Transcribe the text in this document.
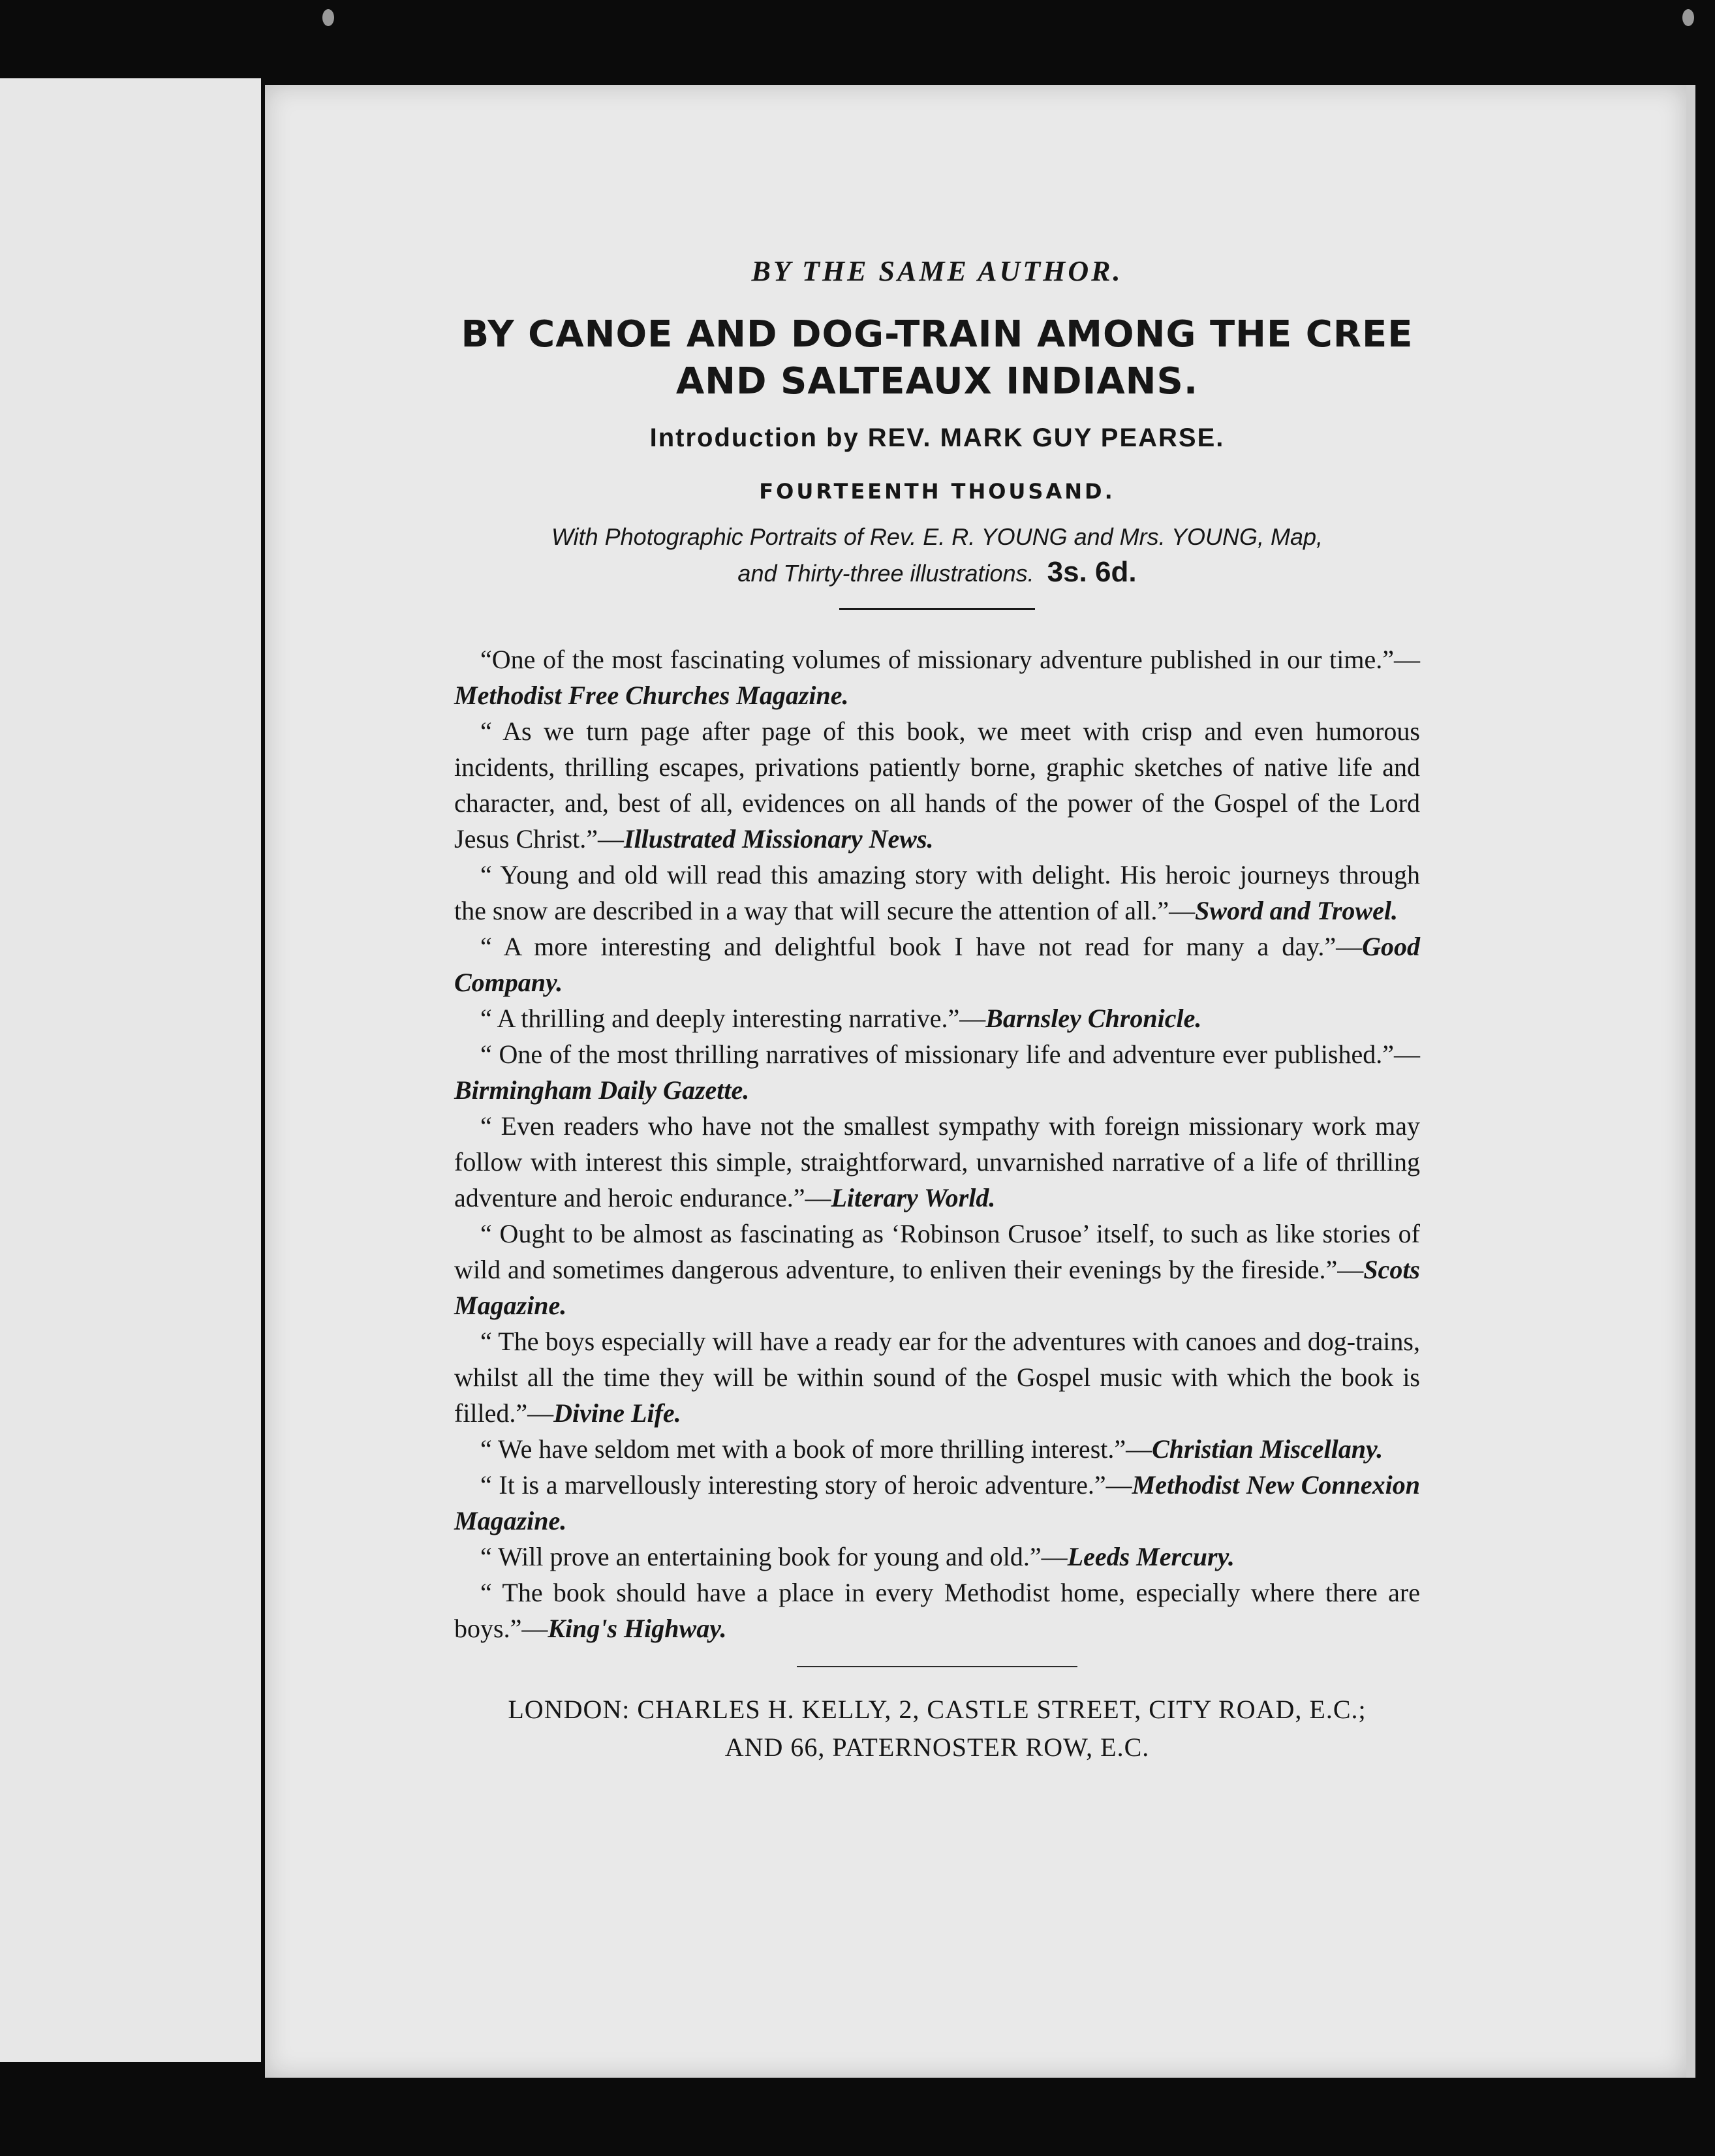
BY THE SAME AUTHOR.

BY CANOE AND DOG-TRAIN AMONG THE CREE
AND SALTEAUX INDIANS.

Introduction by REV. MARK GUY PEARSE.

FOURTEENTH THOUSAND.

With Photographic Portraits of Rev. E. R. YOUNG and Mrs. YOUNG, Map,
and Thirty-three illustrations. 3s. 6d.

“One of the most fascinating volumes of missionary adventure published in our time.”—Methodist Free Churches Magazine.

“ As we turn page after page of this book, we meet with crisp and even humorous incidents, thrilling escapes, privations patiently borne, graphic sketches of native life and character, and, best of all, evidences on all hands of the power of the Gospel of the Lord Jesus Christ.”—Illustrated Missionary News.

“ Young and old will read this amazing story with delight. His heroic journeys through the snow are described in a way that will secure the attention of all.”—Sword and Trowel.

“ A more interesting and delightful book I have not read for many a day.”—Good Company.

“ A thrilling and deeply interesting narrative.”—Barnsley Chronicle.

“ One of the most thrilling narratives of missionary life and adventure ever published.”—Birmingham Daily Gazette.

“ Even readers who have not the smallest sympathy with foreign missionary work may follow with interest this simple, straightforward, unvarnished narrative of a life of thrilling adventure and heroic endurance.”—Literary World.

“ Ought to be almost as fascinating as ‘Robinson Crusoe’ itself, to such as like stories of wild and sometimes dangerous adventure, to enliven their evenings by the fireside.”—Scots Magazine.

“ The boys especially will have a ready ear for the adventures with canoes and dog-trains, whilst all the time they will be within sound of the Gospel music with which the book is filled.”—Divine Life.

“ We have seldom met with a book of more thrilling interest.”—Christian Miscellany.

“ It is a marvellously interesting story of heroic adventure.”—Methodist New Connexion Magazine.

“ Will prove an entertaining book for young and old.”—Leeds Mercury.

“ The book should have a place in every Methodist home, especially where there are boys.”—King's Highway.

LONDON: CHARLES H. KELLY, 2, CASTLE STREET, CITY ROAD, E.C.;
AND 66, PATERNOSTER ROW, E.C.
